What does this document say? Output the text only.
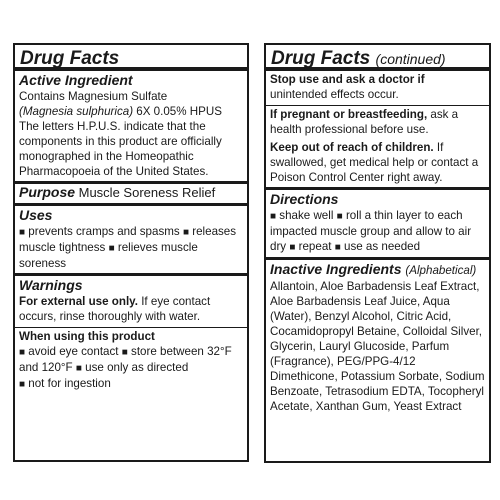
Drug Facts
Active Ingredient

Contains Magnesium Sulfate
(Magnesia sulphurica) 6X 0.05% HPUS
The letters H.P.U.S. indicate that the components in this product are officially monographed in the Homeopathic Pharmacopoeia of the United States.

Purpose Muscle Soreness Relief
Uses

■ prevents cramps and spasms ■ releases muscle tightness ■ relieves muscle soreness

Warnings

For external use only. If eye contact occurs, rinse thoroughly with water.

When using this product

■ avoid eye contact ■ store between 32°F and 120°F ■ use only as directed
■ not for ingestion

Drug Facts (continued)
Stop use and ask a doctor if

unintended effects occur.

If pregnant or breastfeeding, ask a health professional before use.

Keep out of reach of children. If swallowed, get medical help or contact a Poison Control Center right away.

Directions

■ shake well ■ roll a thin layer to each impacted muscle group and allow to air dry ■ repeat ■ use as needed

Inactive Ingredients (Alphabetical)

Allantoin, Aloe Barbadensis Leaf Extract, Aloe Barbadensis Leaf Juice, Aqua (Water), Benzyl Alcohol, Citric Acid, Cocamidopropyl Betaine, Colloidal Silver, Glycerin, Lauryl Glucoside, Parfum (Fragrance), PEG/PPG-4/12 Dimethicone, Potassium Sorbate, Sodium Benzoate, Tetrasodium EDTA, Tocopheryl Acetate, Xanthan Gum, Yeast Extract
